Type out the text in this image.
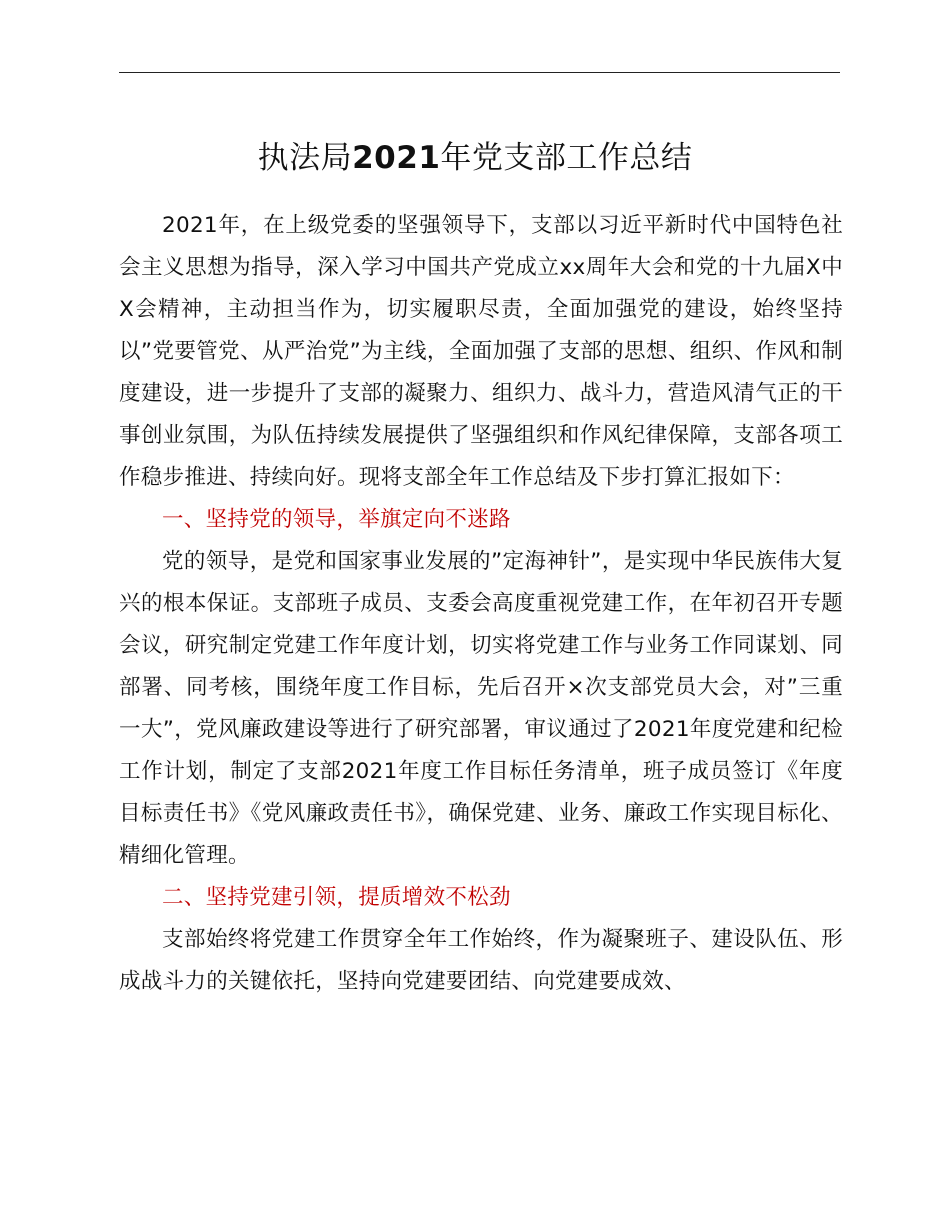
执法局2021年党支部工作总结

2021年，在上级党委的坚强领导下，支部以习近平新时代中国特色社会主义思想为指导，深入学习中国共产党成立xx周年大会和党的十九届X中X会精神，主动担当作为，切实履职尽责，全面加强党的建设，始终坚持以”党要管党、从严治党”为主线，全面加强了支部的思想、组织、作风和制度建设，进一步提升了支部的凝聚力、组织力、战斗力，营造风清气正的干事创业氛围，为队伍持续发展提供了坚强组织和作风纪律保障，支部各项工作稳步推进、持续向好。现将支部全年工作总结及下步打算汇报如下：

一、坚持党的领导，举旗定向不迷路

党的领导，是党和国家事业发展的”定海神针”，是实现中华民族伟大复兴的根本保证。支部班子成员、支委会高度重视党建工作，在年初召开专题会议，研究制定党建工作年度计划，切实将党建工作与业务工作同谋划、同部署、同考核，围绕年度工作目标，先后召开×次支部党员大会，对”三重一大”，党风廉政建设等进行了研究部署，审议通过了2021年度党建和纪检工作计划，制定了支部2021年度工作目标任务清单，班子成员签订《年度目标责任书》《党风廉政责任书》，确保党建、业务、廉政工作实现目标化、精细化管理。

二、坚持党建引领，提质增效不松劲

支部始终将党建工作贯穿全年工作始终，作为凝聚班子、建设队伍、形成战斗力的关键依托，坚持向党建要团结、向党建要成效、
